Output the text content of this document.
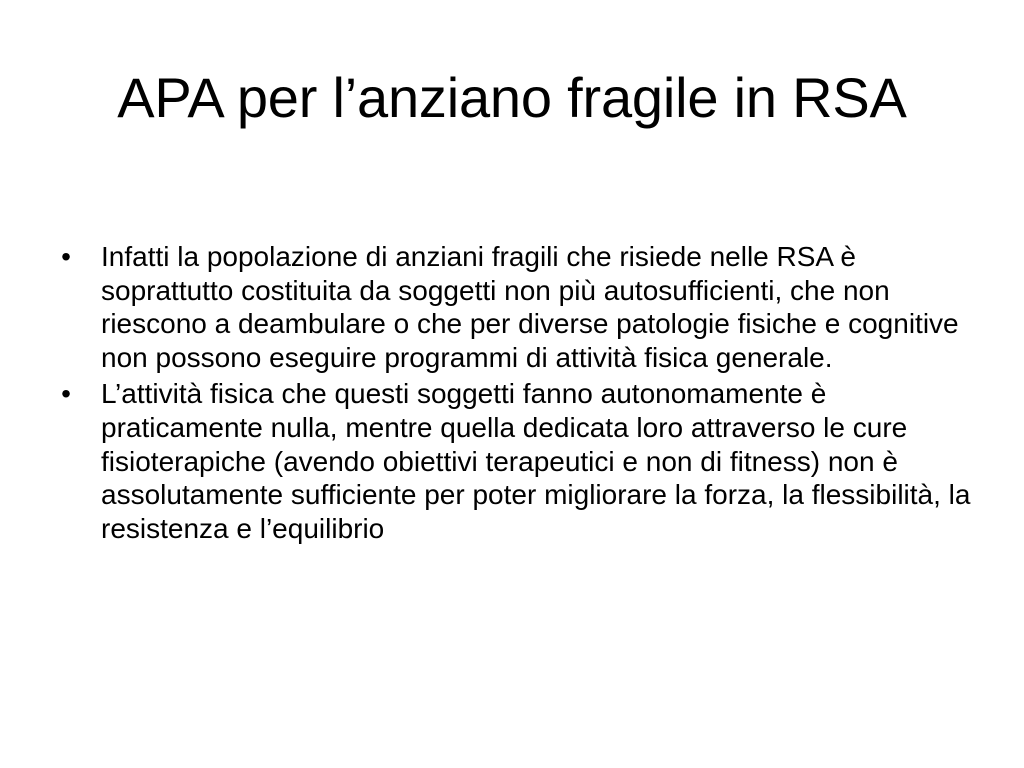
APA per l’anziano fragile in RSA
• Infatti la popolazione di anziani fragili che risiede nelle RSA è soprattutto costituita da soggetti non più autosufficienti, che non riescono a deambulare o che per diverse patologie fisiche e cognitive non possono eseguire programmi di attività fisica generale.
• L’attività fisica che questi soggetti fanno autonomamente è praticamente nulla, mentre quella dedicata loro attraverso le cure fisioterapiche (avendo obiettivi terapeutici e non di fitness) non è assolutamente sufficiente per poter migliorare la forza, la flessibilità, la resistenza e l’equilibrio
